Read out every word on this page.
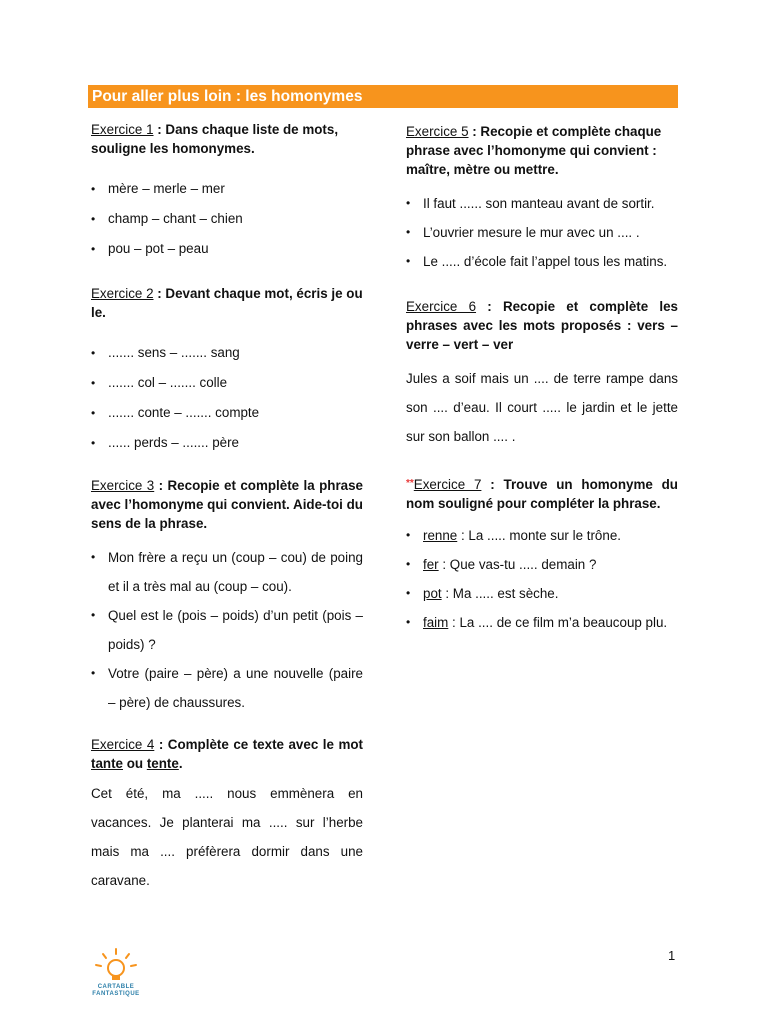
Pour aller plus loin : les homonymes

Exercice 1 : Dans chaque liste de mots, souligne les homonymes.

• mère – merle – mer
• champ – chant – chien
• pou – pot – peau

Exercice 2 : Devant chaque mot, écris je ou le.

• ....... sens – ....... sang
• ....... col – ....... colle
• ....... conte – ....... compte
• ...... perds – ....... père

Exercice 3 : Recopie et complète la phrase avec l’homonyme qui convient. Aide-toi du sens de la phrase.

• Mon frère a reçu un (coup – cou) de poing et il a très mal au (coup – cou).
• Quel est le (pois – poids) d’un petit (pois – poids) ?
• Votre (paire – père) a une nouvelle (paire – père) de chaussures.

Exercice 4 : Complète ce texte avec le mot tante ou tente.

Cet été, ma ..... nous emmènera en vacances. Je planterai ma ..... sur l’herbe mais ma .... préfèrera dormir dans une caravane.

Exercice 5 : Recopie et complète chaque phrase avec l’homonyme qui convient : maître, mètre ou mettre.

• Il faut ...... son manteau avant de sortir.
• L’ouvrier mesure le mur avec un .... .
• Le ..... d’école fait l’appel tous les matins.

Exercice 6 : Recopie et complète les phrases avec les mots proposés : vers – verre – vert – ver

Jules a soif mais un .... de terre rampe dans son .... d’eau. Il court ..... le jardin et le jette sur son ballon .... .

**Exercice 7 : Trouve un homonyme du nom souligné pour compléter la phrase.

• renne : La ..... monte sur le trône.
• fer : Que vas-tu ..... demain ?
• pot : Ma ..... est sèche.
• faim : La .... de ce film m’a beaucoup plu.
CARTABLE
FANTASTIQUE
1
